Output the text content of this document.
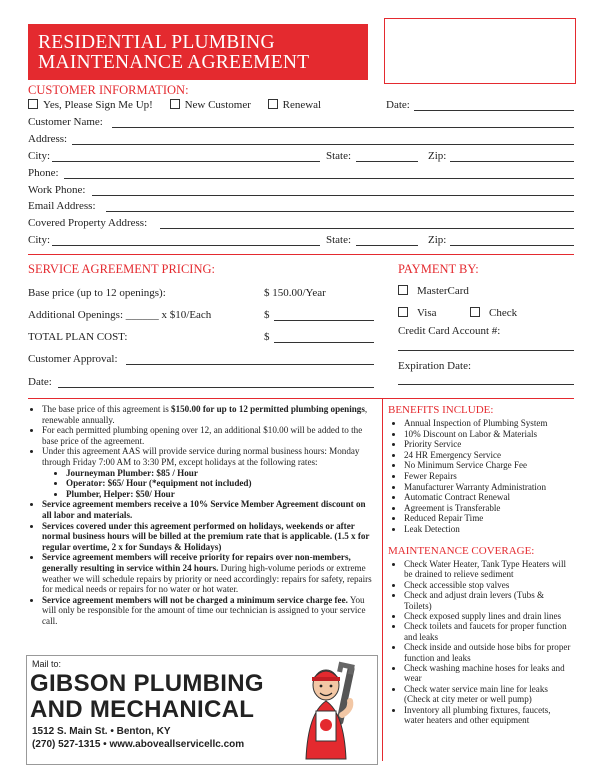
RESIDENTIAL PLUMBING
MAINTENANCE AGREEMENT
CUSTOMER INFORMATION:
Yes, Please Sign Me Up!	New Customer	Renewal	Date:
Customer Name:
Address:
City:	State:	Zip:
Phone:
Work Phone:
Email Address:
Covered Property Address:
City:	State:	Zip:
SERVICE AGREEMENT PRICING:
Base price (up to 12 openings):	$ 150.00/Year
Additional Openings: ______ x $10/Each	$
TOTAL PLAN COST:	$
Customer Approval:
Date:
PAYMENT BY:
MasterCard
Visa	Check
Credit Card Account #:
Expiration Date:
• The base price of this agreement is $150.00 for up to 12 permitted plumbing openings, renewable annually.
• For each permitted plumbing opening over 12, an additional $10.00 will be added to the base price of the agreement.
• Under this agreement AAS will provide service during normal business hours: Monday through Friday 7:00 AM to 3:30 PM, except holidays at the following rates:
• Journeyman Plumber: $85 / Hour
• Operator: $65/ Hour (*equipment not included)
• Plumber, Helper: $50/ Hour
• Service agreement members receive a 10% Service Member Agreement discount on all labor and materials.
• Services covered under this agreement performed on holidays, weekends or after normal business hours will be billed at the premium rate that is applicable. (1.5 x for regular overtime, 2 x for Sundays & Holidays)
• Service agreement members will receive priority for repairs over non-members, generally resulting in service within 24 hours. During high-volume periods or extreme weather we will schedule repairs by priority or need accordingly: repairs for safety, repairs for medical needs or repairs for no water or hot water.
• Service agreement members will not be charged a minimum service charge fee. You will only be responsible for the amount of time our technician is assigned to your service call.
BENEFITS INCLUDE:
• Annual Inspection of Plumbing System
• 10% Discount on Labor & Materials
• Priority Service
• 24 HR Emergency Service
• No Minimum Service Charge Fee
• Fewer Repairs
• Manufacturer Warranty Administration
• Automatic Contract Renewal
• Agreement is Transferable
• Reduced Repair Time
• Leak Detection
MAINTENANCE COVERAGE:
• Check Water Heater, Tank Type Heaters will be drained to relieve sediment
• Check accessible stop valves
• Check and adjust drain levers (Tubs & Toilets)
• Check exposed supply lines and drain lines
• Check toilets and faucets for proper function and leaks
• Check inside and outside hose bibs for proper function and leaks
• Check washing machine hoses for leaks and wear
• Check water service main line for leaks (Check at city meter or well pump)
• Inventory all plumbing fixtures, faucets, water heaters and other equipment
Mail to:
GIBSON PLUMBING
AND MECHANICAL
1512 S. Main St. • Benton, KY
(270) 527-1315 • www.aboveallservicellc.com
